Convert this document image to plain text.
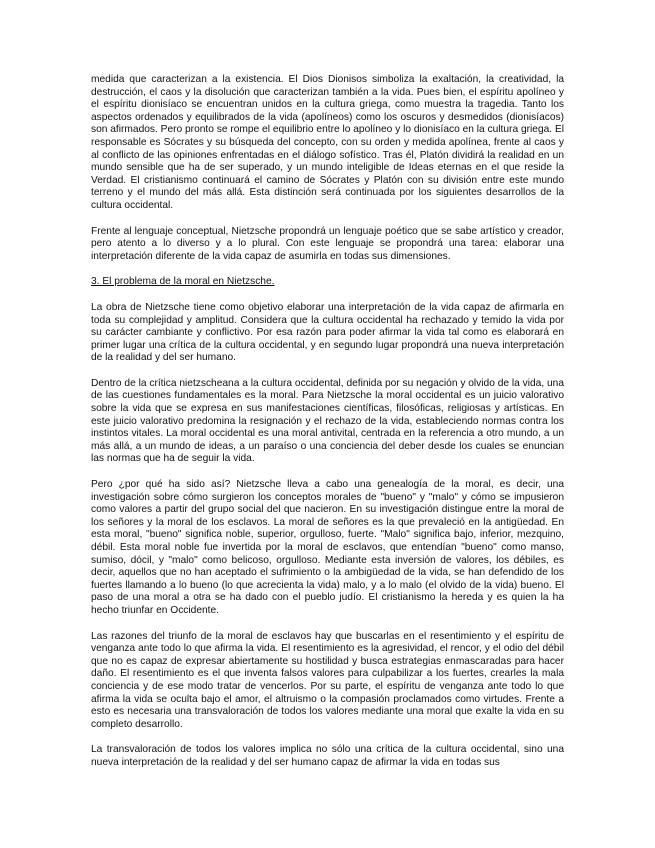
medida que caracterizan a la existencia. El Dios Dionisos simboliza la exaltación, la creatividad, la destrucción, el caos y la disolución que caracterizan también a la vida. Pues bien, el espíritu apolíneo y el espíritu dionisíaco se encuentran unidos en la cultura griega, como muestra la tragedia. Tanto los aspectos ordenados y equilibrados de la vida (apolíneos) como los oscuros y desmedidos (dionisíacos) son afirmados. Pero pronto se rompe el equilibrio entre lo apolíneo y lo dionisíaco en la cultura griega. El responsable es Sócrates y su búsqueda del concepto, con su orden y medida apolínea, frente al caos y al conflicto de las opiniones enfrentadas en el diálogo sofístico. Tras él, Platón dividirá la realidad en un mundo sensible que ha de ser superado, y un mundo inteligible de Ideas eternas en el que reside la Verdad. El cristianismo continuará el camino de Sócrates y Platón con su división entre este mundo terreno y el mundo del más allá. Esta distinción será continuada por los siguientes desarrollos de la cultura occidental.

Frente al lenguaje conceptual, Nietzsche propondrá un lenguaje poético que se sabe artístico y creador, pero atento a lo diverso y a lo plural. Con este lenguaje se propondrá una tarea: elaborar una interpretación diferente de la vida capaz de asumirla en todas sus dimensiones.

3. El problema de la moral en Nietzsche.

La obra de Nietzsche tiene como objetivo elaborar una interpretación de la vida capaz de afirmarla en toda su complejidad y amplitud. Considera que la cultura occidental ha rechazado y temido la vida por su carácter cambiante y conflictivo. Por esa razón para poder afirmar la vida tal como es elaborará en primer lugar una crítica de la cultura occidental, y en segundo lugar propondrá una nueva interpretación de la realidad y del ser humano.

Dentro de la crítica nietzscheana a la cultura occidental, definida por su negación y olvido de la vida, una de las cuestiones fundamentales es la moral. Para Nietzsche la moral occidental es un juicio valorativo sobre la vida que se expresa en sus manifestaciones científicas, filosóficas, religiosas y artísticas. En este juicio valorativo predomina la resignación y el rechazo de la vida, estableciendo normas contra los instintos vitales. La moral occidental es una moral antivital, centrada en la referencia a otro mundo, a un más allá, a un mundo de ideas, a un paraíso o una conciencia del deber desde los cuales se enuncian las normas que ha de seguir la vida.

Pero ¿por qué ha sido así? Nietzsche lleva a cabo una genealogía de la moral, es decir, una investigación sobre cómo surgieron los conceptos morales de "bueno" y "malo" y cómo se impusieron como valores a partir del grupo social del que nacieron. En su investigación distingue entre la moral de los señores y la moral de los esclavos. La moral de señores es la que prevaleció en la antigüedad. En esta moral, "bueno" significa noble, superior, orgulloso, fuerte. "Malo" significa bajo, inferior, mezquino, débil. Esta moral noble fue invertida por la moral de esclavos, que entendían "bueno" como manso, sumiso, dócil, y "malo" como belicoso, orgulloso. Mediante esta inversión de valores, los débiles, es decir, aquellos que no han aceptado el sufrimiento o la ambigüedad de la vida, se han defendido de los fuertes llamando a lo bueno (lo que acrecienta la vida) malo, y a lo malo (el olvido de la vida) bueno. El paso de una moral a otra se ha dado con el pueblo judío. El cristianismo la hereda y es quien la ha hecho triunfar en Occidente.

Las razones del triunfo de la moral de esclavos hay que buscarlas en el resentimiento y el espíritu de venganza ante todo lo que afirma la vida. El resentimiento es la agresividad, el rencor, y el odio del débil que no es capaz de expresar abiertamente su hostilidad y busca estrategias enmascaradas para hacer daño. El resentimiento es el que inventa falsos valores para culpabilizar a los fuertes, crearles la mala conciencia y de ese modo tratar de vencerlos. Por su parte, el espíritu de venganza ante todo lo que afirma la vida se oculta bajo el amor, el altruismo o la compasión proclamados como virtudes. Frente a esto es necesaria una transvaloración de todos los valores mediante una moral que exalte la vida en su completo desarrollo.

La transvaloración de todos los valores implica no sólo una crítica de la cultura occidental, sino una nueva interpretación de la realidad y del ser humano capaz de afirmar la vida en todas sus
